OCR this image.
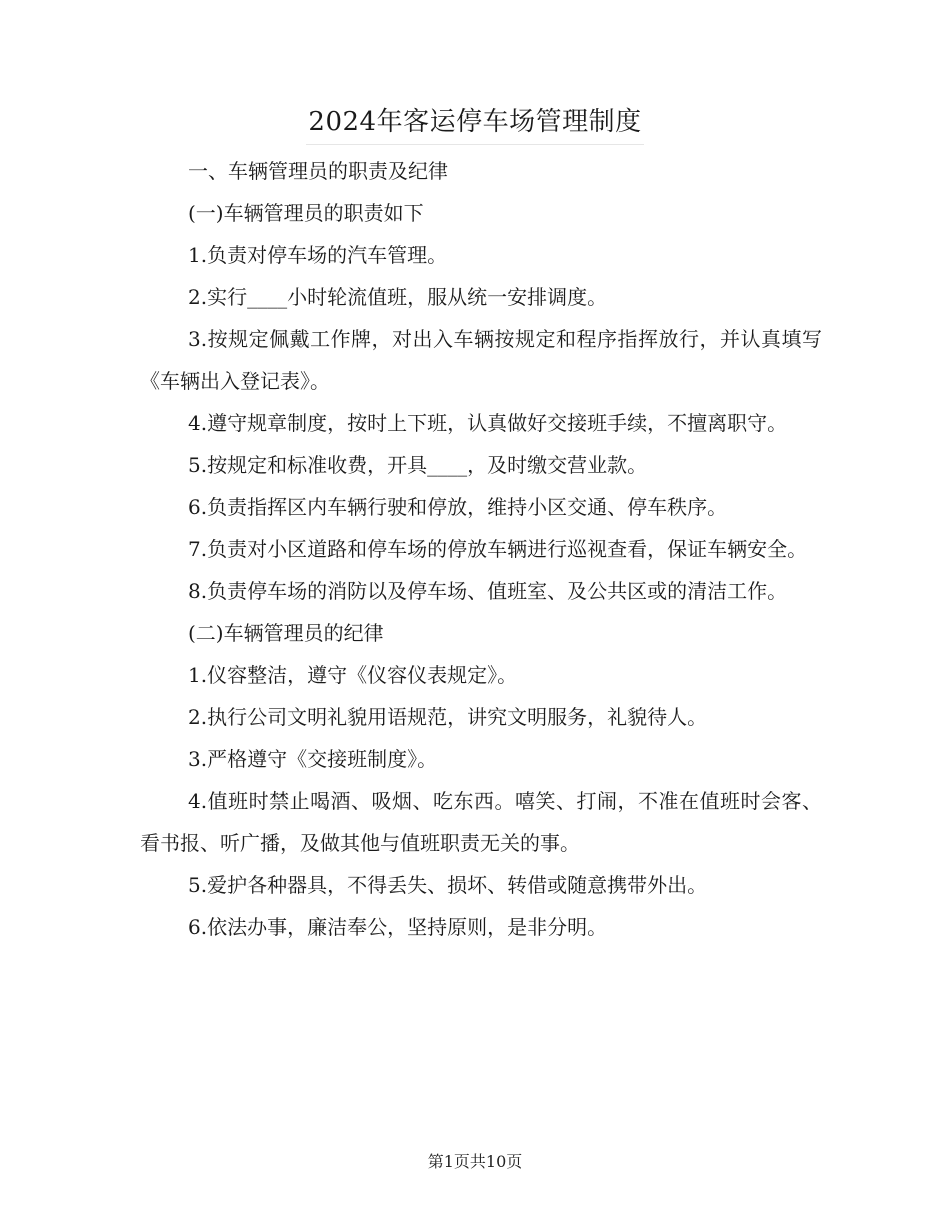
2024年客运停车场管理制度

一、车辆管理员的职责及纪律

(一)车辆管理员的职责如下

1.负责对停车场的汽车管理。

2.实行____小时轮流值班，服从统一安排调度。

3.按规定佩戴工作牌，对出入车辆按规定和程序指挥放行，并认真填写《车辆出入登记表》。

4.遵守规章制度，按时上下班，认真做好交接班手续，不擅离职守。

5.按规定和标准收费，开具____，及时缴交营业款。

6.负责指挥区内车辆行驶和停放，维持小区交通、停车秩序。

7.负责对小区道路和停车场的停放车辆进行巡视查看，保证车辆安全。

8.负责停车场的消防以及停车场、值班室、及公共区或的清洁工作。

(二)车辆管理员的纪律

1.仪容整洁，遵守《仪容仪表规定》。

2.执行公司文明礼貌用语规范，讲究文明服务，礼貌待人。

3.严格遵守《交接班制度》。

4.值班时禁止喝酒、吸烟、吃东西。嘻笑、打闹，不准在值班时会客、看书报、听广播，及做其他与值班职责无关的事。

5.爱护各种器具，不得丢失、损坏、转借或随意携带外出。

6.依法办事，廉洁奉公，坚持原则，是非分明。

第1页共10页
